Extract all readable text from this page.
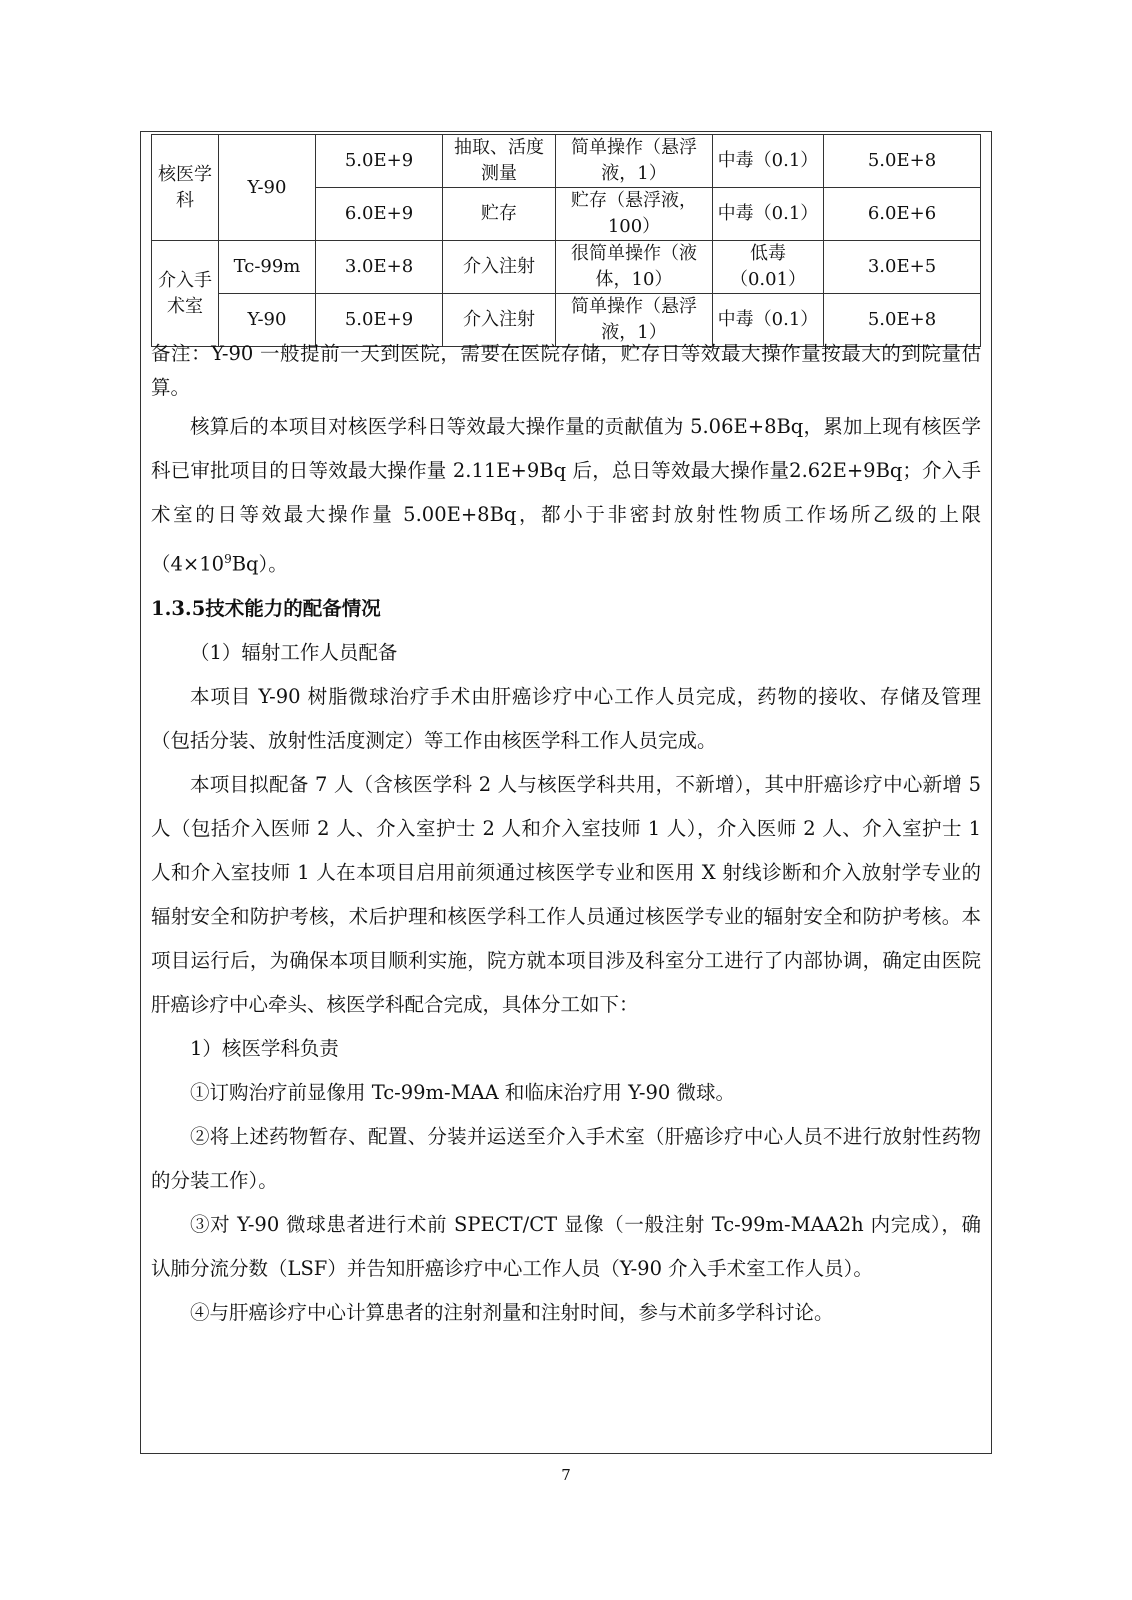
核医学科	Y-90	5.0E+9	抽取、活度测量	简单操作（悬浮液，1）	中毒（0.1）	5.0E+8
		6.0E+9	贮存	贮存（悬浮液，100）	中毒（0.1）	6.0E+6
介入手术室	Tc-99m	3.0E+8	介入注射	很简单操作（液体，10）	低毒（0.01）	3.0E+5
	Y-90	5.0E+9	介入注射	简单操作（悬浮液，1）	中毒（0.1）	5.0E+8

备注：Y-90 一般提前一天到医院，需要在医院存储，贮存日等效最大操作量按最大的到院量估算。

核算后的本项目对核医学科日等效最大操作量的贡献值为 5.06E+8Bq，累加上现有核医学科已审批项目的日等效最大操作量 2.11E+9Bq 后，总日等效最大操作量2.62E+9Bq；介入手术室的日等效最大操作量 5.00E+8Bq，都小于非密封放射性物质工作场所乙级的上限$(4\times 10^9Bq)$。

1.3.5技术能力的配备情况

（1）辐射工作人员配备

本项目 Y-90 树脂微球治疗手术由肝癌诊疗中心工作人员完成，药物的接收、存储及管理（包括分装、放射性活度测定）等工作由核医学科工作人员完成。

本项目拟配备 7 人（含核医学科 2 人与核医学科共用，不新增），其中肝癌诊疗中心新增 5 人（包括介入医师 2 人、介入室护士 2 人和介入室技师 1 人），介入医师 2 人、介入室护士 1 人和介入室技师 1 人在本项目启用前须通过核医学专业和医用 X 射线诊断和介入放射学专业的辐射安全和防护考核，术后护理和核医学科工作人员通过核医学专业的辐射安全和防护考核。本项目运行后，为确保本项目顺利实施，院方就本项目涉及科室分工进行了内部协调，确定由医院肝癌诊疗中心牵头、核医学科配合完成，具体分工如下：

1）核医学科负责

①订购治疗前显像用 Tc-99m-MAA 和临床治疗用 Y-90 微球。

②将上述药物暂存、配置、分装并运送至介入手术室（肝癌诊疗中心人员不进行放射性药物的分装工作）。

③对 Y-90 微球患者进行术前 SPECT/CT 显像（一般注射 Tc-99m-MAA2h 内完成），确认肺分流分数（LSF）并告知肝癌诊疗中心工作人员（Y-90 介入手术室工作人员）。

④与肝癌诊疗中心计算患者的注射剂量和注射时间，参与术前多学科讨论。

7
